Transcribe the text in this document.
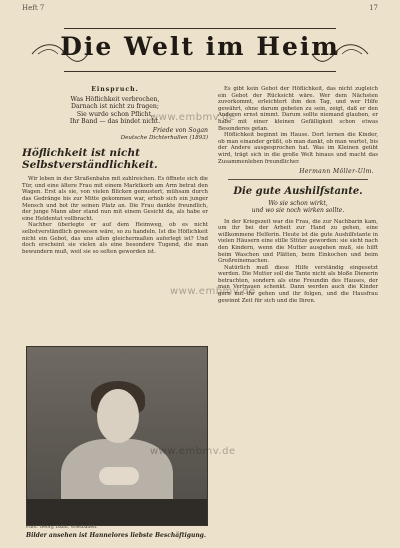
Heft 7	17
Die Welt im Heim
Einspruch.
Was Höflichkeit verbrochen,
Darnach ist nicht zu fragen;
Sie wurde schon Pflicht,
Ihr Band — das bindet nicht.
Friede von Sogan
Deutsche Dichterhallen (1893)
Höflichkeit ist nicht Selbstverständlichkeit.

Wir leben in der Straßenbahn mit zahlreichen. Es öffnete sich die Tür, und eine ältere Frau mit einem Marktkorb am Arm betrat den Wagen. Erst als sie, von vielen Blicken gemustert, mühsam durch das Gedränge bis zur Mitte gekommen war, erhob sich ein junger Mensch und bot ihr seinen Platz an. Die Frau dankte freundlich, der junge Mann aber stand nun mit einem Gesicht da, als habe er eine Heldentat vollbracht.

Nachher überlegte er auf dem Heimweg, ob es nicht selbstverständlich gewesen wäre, so zu handeln. Ist die Höflichkeit nicht ein Gebot, das uns allen gleichermaßen auferlegt ist? Und doch erscheint sie vielen als eine besondere Tugend, die man bewundern muß, weil sie so selten geworden ist.

Es gibt kein Gebot der Höflichkeit, das nicht zugleich ein Gebot der Rücksicht wäre. Wer dem Nächsten zuvorkommt, erleichtert ihm den Tag, und wer Hilfe gewährt, ohne darum gebeten zu sein, zeigt, daß er den Anderen ernst nimmt. Darum sollte niemand glauben, er habe mit einer kleinen Gefälligkeit schon etwas Besonderes getan.

Höflichkeit beginnt im Hause. Dort lernen die Kinder, ob man einander grüßt, ob man dankt, ob man wartet, bis der Andere ausgesprochen hat. Was im Kleinen geübt wird, trägt sich in die große Welt hinaus und macht das Zusammenleben freundlicher.

Hermann Möller-Ulm.
Die gute Aushilfstante.
Wo sie schon wirkt,
und wo sie noch wirken sollte.

In der Kriegszeit war die Frau, die zur Nachbarin kam, um ihr bei der Arbeit zur Hand zu gehen, eine willkommene Helferin. Heute ist die gute Aushilfstante in vielen Häusern eine stille Stütze geworden: sie sieht nach den Kindern, wenn die Mutter ausgehen muß, sie hilft beim Waschen und Plätten, beim Einkochen und beim Großreinemachen.

Natürlich muß diese Hilfe verständig eingesetzt werden. Die Mutter soll die Tante nicht als bloße Dienerin betrachten, sondern als eine Freundin des Hauses, der man Vertrauen schenkt. Dann werden auch die Kinder gern mit ihr gehen und ihr folgen, und die Hausfrau gewinnt Zeit für sich und die Ihren.

Phot. Georg Dahn, Wiesbaden.
Bilder ansehen ist Hannelores liebste Beschäftigung.
www.embmv.de
www.embmv.de
www.embmv.de
